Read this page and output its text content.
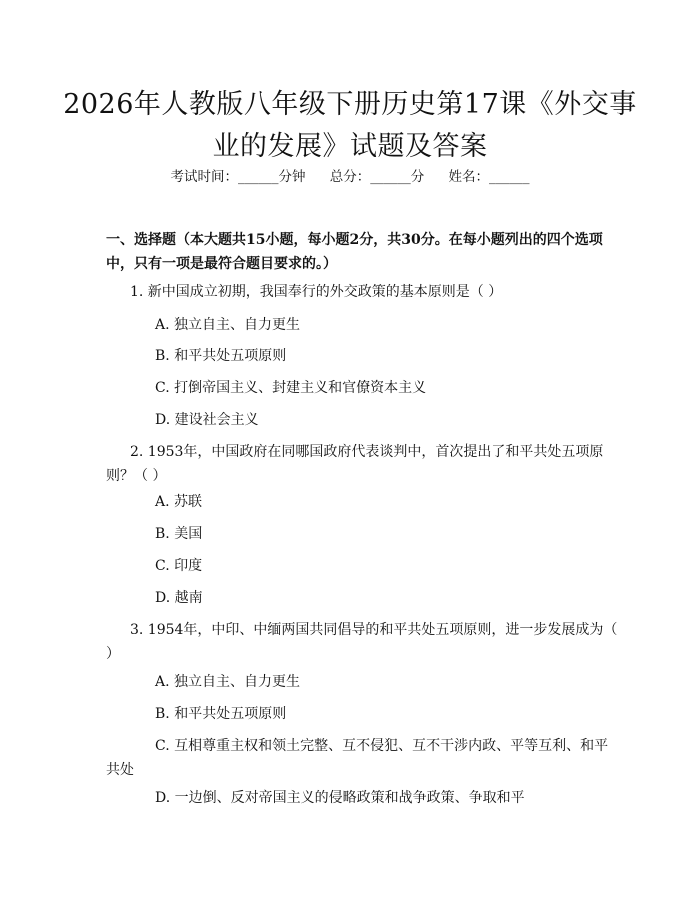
2026年人教版八年级下册历史第17课《外交事业的发展》试题及答案
考试时间：______分钟 总分：______分 姓名：______
一、选择题（本大题共15小题，每小题2分，共30分。在每小题列出的四个选项中，只有一项是最符合题目要求的。）
1. 新中国成立初期，我国奉行的外交政策的基本原则是（ ）
A. 独立自主、自力更生
B. 和平共处五项原则
C. 打倒帝国主义、封建主义和官僚资本主义
D. 建设社会主义
2. 1953年，中国政府在同哪国政府代表谈判中，首次提出了和平共处五项原则？（ ）
A. 苏联
B. 美国
C. 印度
D. 越南
3. 1954年，中印、中缅两国共同倡导的和平共处五项原则，进一步发展成为（ ）
A. 独立自主、自力更生
B. 和平共处五项原则
C. 互相尊重主权和领土完整、互不侵犯、互不干涉内政、平等互利、和平共处
D. 一边倒、反对帝国主义的侵略政策和战争政策、争取和平
